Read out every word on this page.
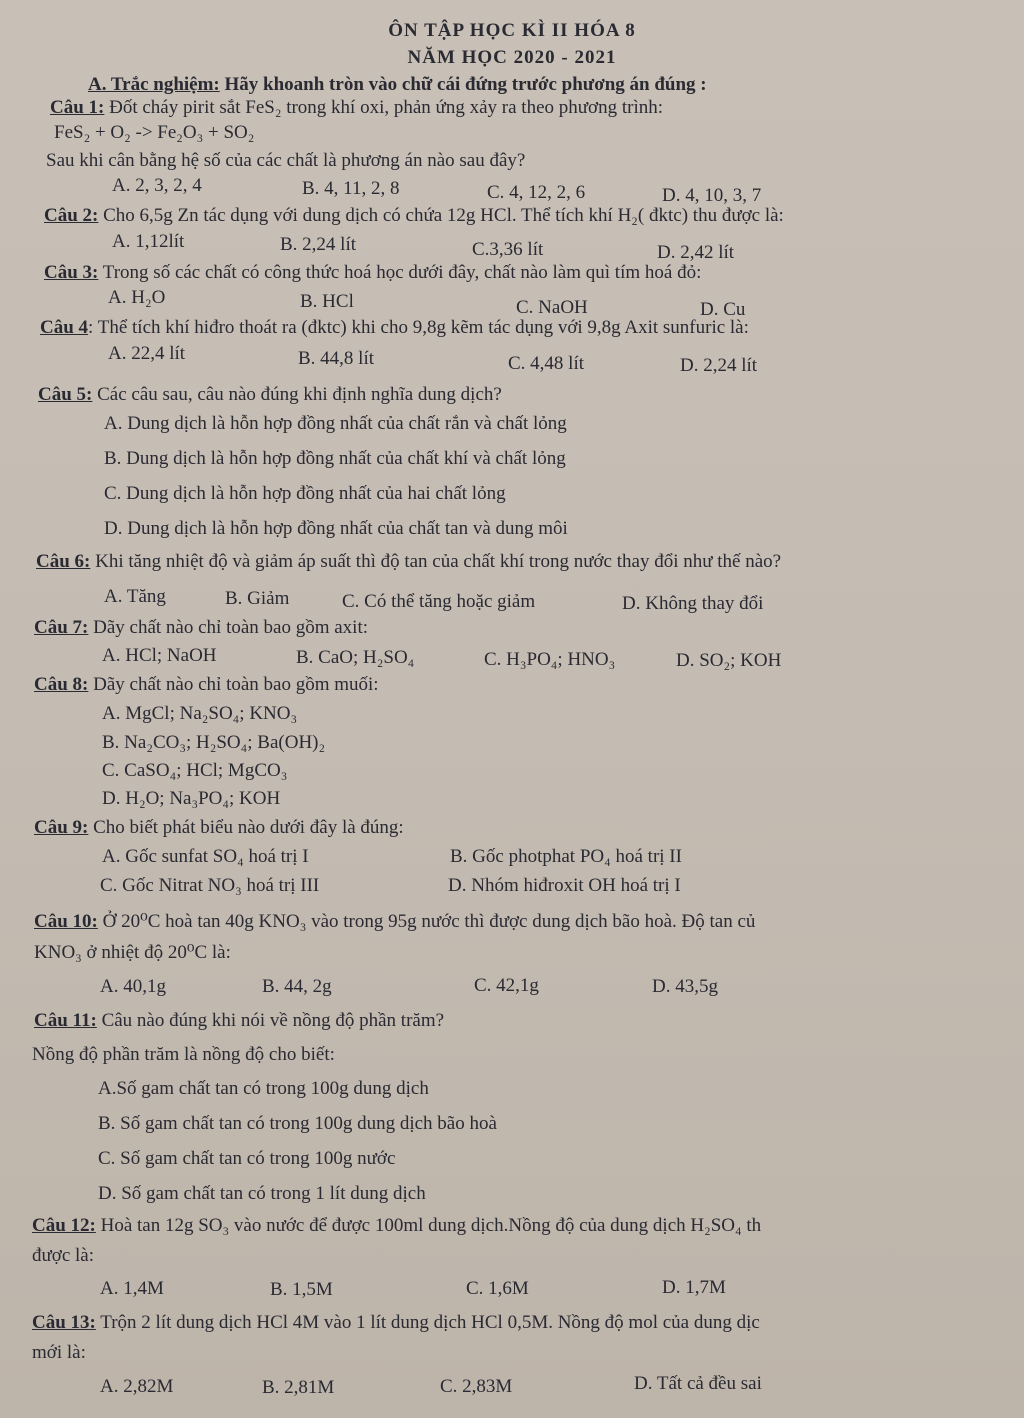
ÔN TẬP HỌC KÌ II HÓA 8
NĂM HỌC 2020 - 2021
A. Trắc nghiệm: Hãy khoanh tròn vào chữ cái đứng trước phương án đúng :
Câu 1: Đốt cháy pirit sắt FeS₂ trong khí oxi, phản ứng xảy ra theo phương trình:
FeS₂ + O₂ -> Fe₂O₃ + SO₂
Sau khi cân bằng hệ số của các chất là phương án nào sau đây?
A. 2, 3, 2, 4	B. 4, 11, 2, 8	C. 4, 12, 2, 6	D. 4, 10, 3, 7
Câu 2: Cho 6,5g Zn tác dụng với dung dịch có chứa 12g HCl. Thể tích khí H₂( đktc) thu được là:
A. 1,12lít	B. 2,24 lít	C.3,36 lít	D. 2,42 lít
Câu 3: Trong số các chất có công thức hoá học dưới đây, chất nào làm quì tím hoá đỏ:
A. H₂O	B. HCl	C. NaOH	D. Cu
Câu 4: Thể tích khí hiđro thoát ra (đktc) khi cho 9,8g kẽm tác dụng với 9,8g Axit sunfuric là:
A. 22,4 lít	B. 44,8 lít	C. 4,48 lít	D. 2,24 lít
Câu 5: Các câu sau, câu nào đúng khi định nghĩa dung dịch?
A. Dung dịch là hỗn hợp đồng nhất của chất rắn và chất lỏng
B. Dung dịch là hỗn hợp đồng nhất của chất khí và chất lỏng
C. Dung dịch là hỗn hợp đồng nhất của hai chất lỏng
D. Dung dịch là hỗn hợp đồng nhất của chất tan và dung môi
Câu 6: Khi tăng nhiệt độ và giảm áp suất thì độ tan của chất khí trong nước thay đổi như thế nào?
A. Tăng	B. Giảm	C. Có thể tăng hoặc giảm	D. Không thay đổi
Câu 7: Dãy chất nào chỉ toàn bao gồm axit:
A. HCl; NaOH	B. CaO; H₂SO₄	C. H₃PO₄; HNO₃	D. SO₂; KOH
Câu 8: Dãy chất nào chỉ toàn bao gồm muối:
A. MgCl; Na₂SO₄; KNO₃
B. Na₂CO₃; H₂SO₄; Ba(OH)₂
C. CaSO₄; HCl; MgCO₃
D. H₂O; Na₃PO₄; KOH
Câu 9: Cho biết phát biểu nào dưới đây là đúng:
A. Gốc sunfat SO₄ hoá trị I	B. Gốc photphat PO₄ hoá trị II
C. Gốc Nitrat NO₃ hoá trị III	D. Nhóm hiđroxit OH hoá trị I
Câu 10: Ở 20⁰C hoà tan 40g KNO₃ vào trong 95g nước thì được dung dịch bão hoà. Độ tan củ
KNO₃ ở nhiệt độ 20⁰C là:
A. 40,1g	B. 44, 2g	C. 42,1g	D. 43,5g
Câu 11: Câu nào đúng khi nói về nồng độ phần trăm?
Nồng độ phần trăm là nồng độ cho biết:
A.Số gam chất tan có trong 100g dung dịch
B. Số gam chất tan có trong 100g dung dịch bão hoà
C. Số gam chất tan có trong 100g nước
D. Số gam chất tan có trong 1 lít dung dịch
Câu 12: Hoà tan 12g SO₃ vào nước để được 100ml dung dịch.Nồng độ của dung dịch H₂SO₄ th
được là:
A. 1,4M	B. 1,5M	C. 1,6M	D. 1,7M
Câu 13: Trộn 2 lít dung dịch HCl 4M vào 1 lít dung dịch HCl 0,5M. Nồng độ mol của dung dịc
mới là:
A. 2,82M	B. 2,81M	C. 2,83M	D. Tất cả đều sai
